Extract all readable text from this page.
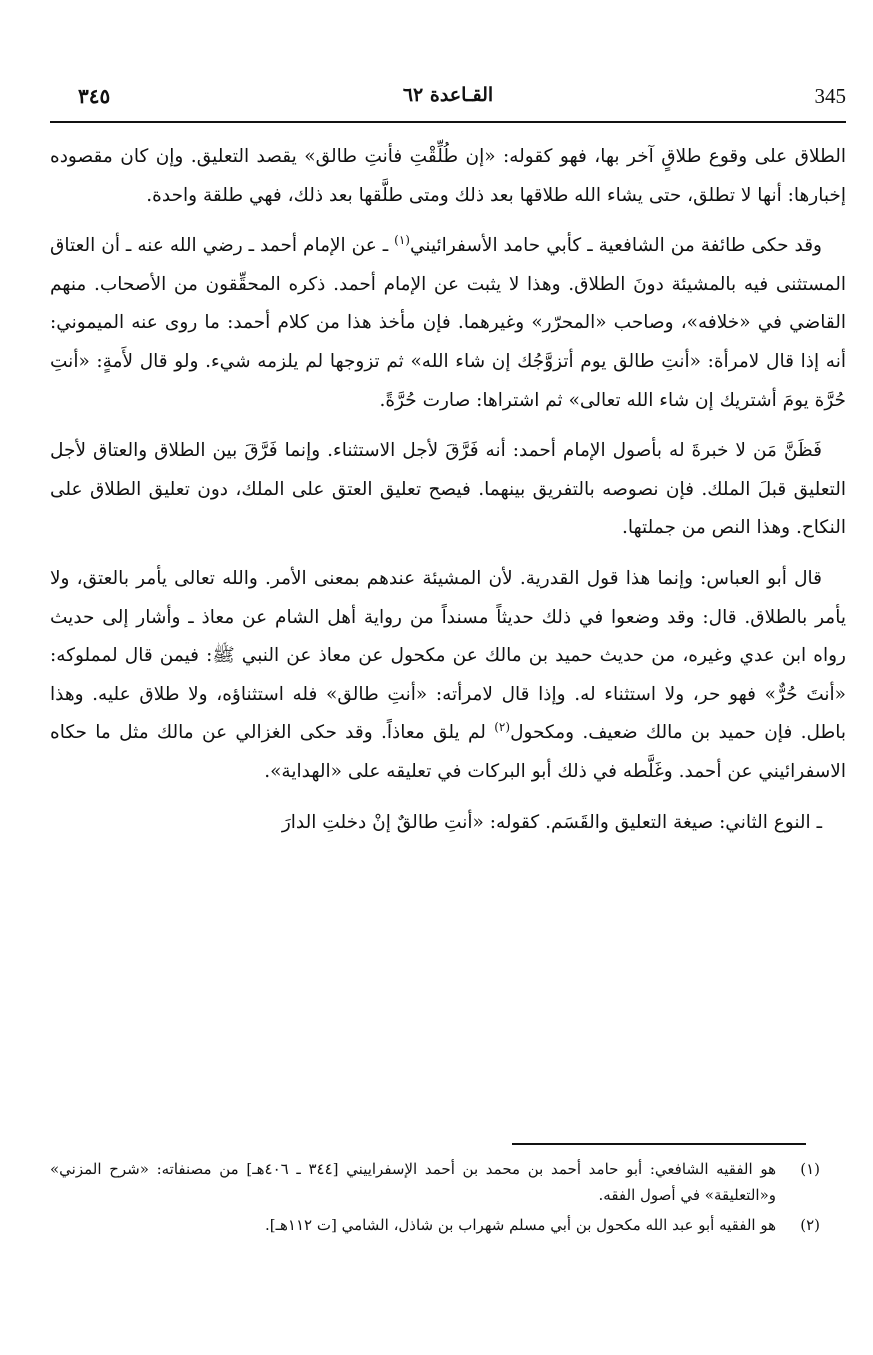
345
القـاعدة ٦٢
٣٤٥

الطلاق على وقوع طلاقٍ آخر بها، فهو كقوله: «إن طُلِّقْتِ فأنتِ طالق» يقصد التعليق. وإن كان مقصوده إخبارها: أنها لا تطلق، حتى يشاء الله طلاقها بعد ذلك ومتى طلَّقها بعد ذلك، فهي طلقة واحدة.

وقد حكى طائفة من الشافعية ـ كأبي حامد الأسفرائيني$^{(١)}$ ـ عن الإمام أحمد ـ رضي الله عنه ـ أن العتاق المستثنى فيه بالمشيئة دونَ الطلاق. وهذا لا يثبت عن الإمام أحمد. ذكره المحقِّقون من الأصحاب. منهم القاضي في «خلافه»، وصاحب «المحرّر» وغيرهما. فإن مأخذ هذا من كلام أحمد: ما روى عنه الميموني: أنه إذا قال لامرأة: «أنتِ طالق يوم أتزوَّجُك إن شاء الله» ثم تزوجها لم يلزمه شيء. ولو قال لأَمةٍ: «أنتِ حُرَّة يومَ أشتريك إن شاء الله تعالى» ثم اشتراها: صارت حُرَّةً.

فَظَنَّ مَن لا خبرةَ له بأصول الإمام أحمد: أنه فَرَّقَ لأجل الاستثناء. وإنما فَرَّقَ بين الطلاق والعتاق لأجل التعليق قبلَ الملك. فإن نصوصه بالتفريق بينهما. فيصح تعليق العتق على الملك، دون تعليق الطلاق على النكاح. وهذا النص من جملتها.

قال أبو العباس: وإنما هذا قول القدرية. لأن المشيئة عندهم بمعنى الأمر. والله تعالى يأمر بالعتق، ولا يأمر بالطلاق. قال: وقد وضعوا في ذلك حديثاً مسنداً من رواية أهل الشام عن معاذ ـ وأشار إلى حديث رواه ابن عدي وغيره، من حديث حميد بن مالك عن مكحول عن معاذ عن النبي ﷺ: فيمن قال لمملوكه: «أنتَ حُرٌّ» فهو حر، ولا استثناء له. وإذا قال لامرأته: «أنتِ طالق» فله استثناؤه، ولا طلاق عليه. وهذا باطل. فإن حميد بن مالك ضعيف. ومكحول$^{(٢)}$ لم يلق معاذاً. وقد حكى الغزالي عن مالك مثل ما حكاه الاسفرائيني عن أحمد. وغَلَّطه في ذلك أبو البركات في تعليقه على «الهداية».

ـ النوع الثاني: صيغة التعليق والقَسَم. كقوله: «أنتِ طالقٌ إنْ دخلتِ الدارَ

(١)
هو الفقيه الشافعي: أبو حامد أحمد بن محمد بن أحمد الإسفراييني [٣٤٤ ـ ٤٠٦هـ] من مصنفاته: «شرح المزني» و«التعليقة» في أصول الفقه.
(٢)
هو الفقيه أبو عبد الله مكحول بن أبي مسلم شهراب بن شاذل، الشامي [ت ١١٢هـ].
